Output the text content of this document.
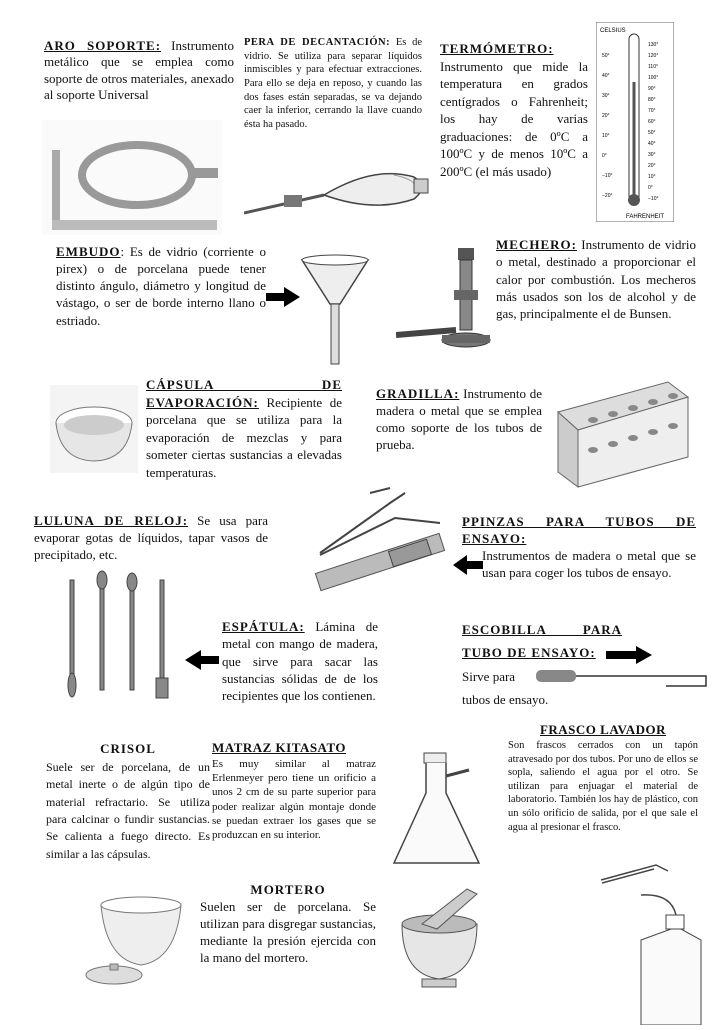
ARO SOPORTE: Instrumento metálico que se emplea como soporte de otros materiales, anexado al soporte Universal
PERA DE DECANTACIÓN: Es de vidrio. Se utiliza para separar líquidos inmiscibles y para efectuar extracciones. Para ello se deja en reposo, y cuando las dos fases están separadas, se va dejando caer la inferior, cerrando la llave cuando ésta ha pasado.
TERMÓMETRO: Instrumento que mide la temperatura en grados centígrados o Fahrenheit; los hay de varias graduaciones: de 0ºC a 100ºC y de menos 10ºC a 200ºC (el más usado)
CELSIUS
FAHRENHEIT
50°
40°
30°
20°
10°
0°
−10°
−20°
130°
120°
110°
100°
90°
80°
70°
60°
50°
40°
30°
20°
10°
0°
−10°
EMBUDO: Es de vidrio (corriente o pirex) o de porcelana puede tener distinto ángulo, diámetro y longitud de vástago, o ser de borde interno llano o estriado.
MECHERO: Instrumento de vidrio o metal, destinado a proporcionar el calor por combustión. Los mecheros más usados son los de alcohol y de gas, principalmente el de Bunsen.
CÁPSULA DE EVAPORACIÓN: Recipiente de porcelana que se utiliza para la evaporación de mezclas y para someter ciertas sustancias a elevadas temperaturas.
GRADILLA: Instrumento de madera o metal que se emplea como soporte de los tubos de prueba.
LULUNA DE RELOJ: Se usa para evaporar gotas de líquidos, tapar vasos de precipitado, etc.
PPINZAS PARA TUBOS DE ENSAYO:
Instrumentos de madera o metal que se usan para coger los tubos de ensayo.
ESPÁTULA: Lámina de metal con mango de madera, que sirve para sacar las sustancias sólidas de de los recipientes que los contienen.
ESCOBILLA PARA TUBO DE ENSAYO:
Sirve para
tubos de ensayo.
FRASCO LAVADOR
Son frascos cerrados con un tapón atravesado por dos tubos. Por uno de ellos se sopla, saliendo el agua por el otro. Se utilizan para enjuagar el material de laboratorio. También los hay de plástico, con un sólo orificio de salida, por el que sale el agua al presionar el frasco.
CRISOL
Suele ser de porcelana, de un metal inerte o de algún tipo de material refractario. Se utiliza para calcinar o fundir sustancias. Se calienta a fuego directo. Es similar a las cápsulas.
MATRAZ KITASATO
Es muy similar al matraz Erlenmeyer pero tiene un orificio a unos 2 cm de su parte superior para poder realizar algún montaje donde se puedan extraer los gases que se produzcan en su interior.
MORTERO
Suelen ser de porcelana. Se utilizan para disgregar sustancias, mediante la presión ejercida con la mano del mortero.
